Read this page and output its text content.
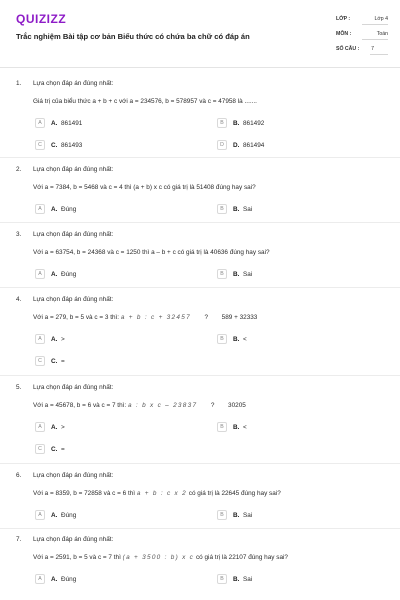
QUIZIZZ
Trắc nghiệm Bài tập cơ bản Biểu thức có chứa ba chữ có đáp án
LỚP :	Lớp 4
MÔN :	Toán
SỐ CÂU : 7
1. Lựa chọn đáp án đúng nhất:
Giá trị của biểu thức a + b + c với a = 234576, b = 578957 và c = 47958 là .......
A	A. 861491	B	B. 861492
C	C. 861493	D	D. 861494
2. Lựa chọn đáp án đúng nhất:
Với a = 7384, b = 5468 và c = 4 thì (a + b) x c có giá trị là 51408 đúng hay sai?
A	A. Đúng	B	B. Sai
3. Lựa chọn đáp án đúng nhất:
Với a = 63754, b = 24368 và c = 1250 thì a – b + c có giá trị là 40636 đúng hay sai?
A	A. Đúng	B	B. Sai
4. Lựa chọn đáp án đúng nhất:
Với a = 279, b = 5 và c = 3 thì: a + b : c + 32457 ? 589 + 32333
A	A. >	B	B. <
C	C. =
5. Lựa chọn đáp án đúng nhất:
Với a = 45678, b = 6 và c = 7 thì: a : b x c – 23837 ? 30205
A	A. >	B	B. <
C	C. =
6. Lựa chọn đáp án đúng nhất:
Với a = 8359, b = 72858 và c = 6 thì a + b : c x 2 có giá trị là 22645 đúng hay sai?
A	A. Đúng	B	B. Sai
7. Lựa chọn đáp án đúng nhất:
Với a = 2591, b = 5 và c = 7 thì (a + 3500 : b) x c có giá trị là 22107 đúng hay sai?
A	A. Đúng	B	B. Sai
